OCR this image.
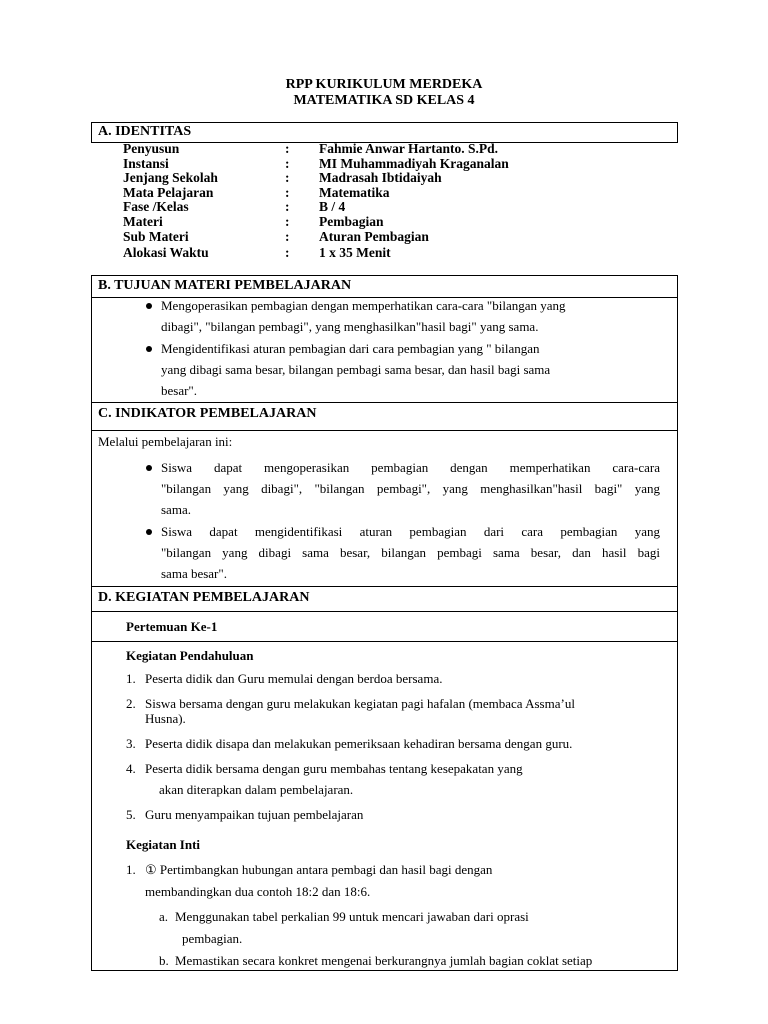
RPP KURIKULUM MERDEKA
MATEMATIKA SD KELAS 4
A. IDENTITAS
Penyusun	: Fahmie Anwar Hartanto. S.Pd.
Instansi	: MI Muhammadiyah Kraganalan
Jenjang Sekolah	: Madrasah Ibtidaiyah
Mata Pelajaran	: Matematika
Fase /Kelas	: B / 4
Materi	: Pembagian
Sub Materi	: Aturan Pembagian
Alokasi Waktu	: 1 x 35 Menit
B. TUJUAN MATERI PEMBELAJARAN
Mengoperasikan pembagian dengan memperhatikan cara-cara "bilangan yang
dibagi", "bilangan pembagi", yang menghasilkan"hasil bagi" yang sama.
Mengidentifikasi aturan pembagian dari cara pembagian yang " bilangan
yang dibagi sama besar, bilangan pembagi sama besar, dan hasil bagi sama
besar".
C. INDIKATOR PEMBELAJARAN
Melalui pembelajaran ini:
Siswa dapat mengoperasikan pembagian dengan memperhatikan cara-cara
"bilangan yang dibagi", "bilangan pembagi", yang menghasilkan"hasil bagi" yang
sama.
Siswa dapat mengidentifikasi aturan pembagian dari cara pembagian yang
"bilangan yang dibagi sama besar, bilangan pembagi sama besar, dan hasil bagi
sama besar".
D. KEGIATAN PEMBELAJARAN
Pertemuan Ke-1
Kegiatan Pendahuluan
1. Peserta didik dan Guru memulai dengan berdoa bersama.
2. Siswa bersama dengan guru melakukan kegiatan pagi hafalan (membaca Assma’ul
Husna).
3. Peserta didik disapa dan melakukan pemeriksaan kehadiran bersama dengan guru.
4. Peserta didik bersama dengan guru membahas tentang kesepakatan yang
akan diterapkan dalam pembelajaran.
5. Guru menyampaikan tujuan pembelajaran
Kegiatan Inti
1. ① Pertimbangkan hubungan antara pembagi dan hasil bagi dengan
membandingkan dua contoh 18:2 dan 18:6.
a. Menggunakan tabel perkalian 99 untuk mencari jawaban dari oprasi
pembagian.
b. Memastikan secara konkret mengenai berkurangnya jumlah bagian coklat setiap
